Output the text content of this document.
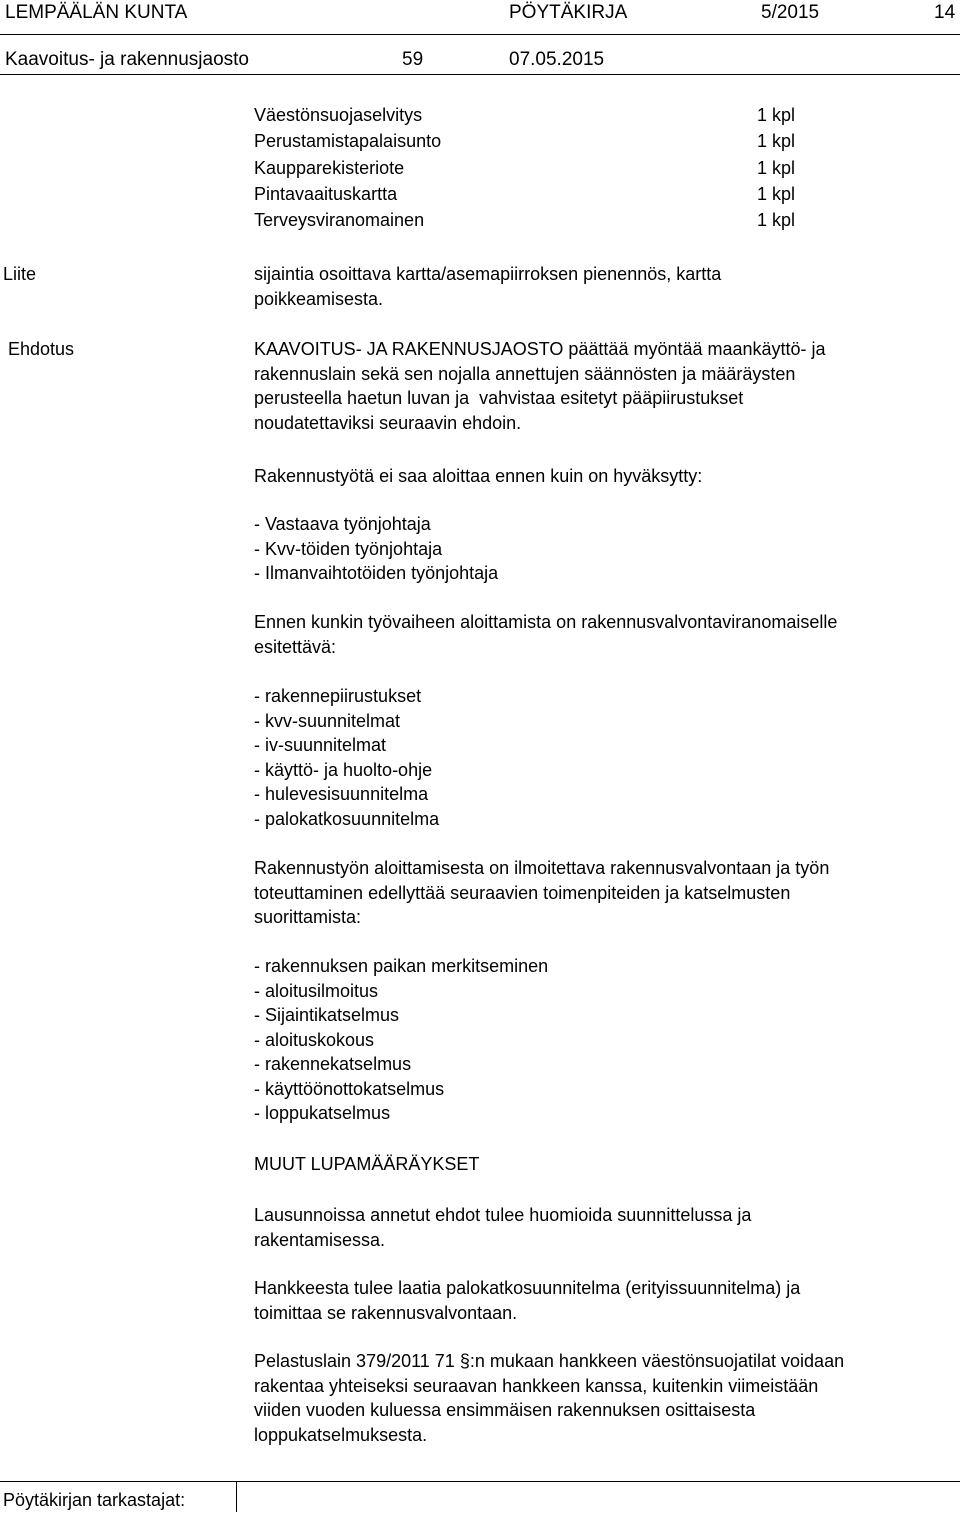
LEMPÄÄLÄN KUNTA	PÖYTÄKIRJA	5/2015	14
Kaavoitus- ja rakennusjaosto	59	07.05.2015
Väestönsuojaselvitys	1 kpl
Perustamistapalaisunto	1 kpl
Kaupparekisteriote	1 kpl
Pintavaaituskartta	1 kpl
Terveysviranomainen	1 kpl
Liite	sijaintia osoittava kartta/asemapiirroksen pienennös, kartta
poikkeamisesta.
Ehdotus	KAAVOITUS- JA RAKENNUSJAOSTO päättää myöntää maankäyttö- ja
rakennuslain sekä sen nojalla annettujen säännösten ja määräysten
perusteella haetun luvan ja  vahvistaa esitetyt pääpiirustukset
noudatettaviksi seuraavin ehdoin.
Rakennustyötä ei saa aloittaa ennen kuin on hyväksytty:
- Vastaava työnjohtaja
- Kvv-töiden työnjohtaja
- Ilmanvaihtotöiden työnjohtaja
Ennen kunkin työvaiheen aloittamista on rakennusvalvontaviranomaiselle
esitettävä:
- rakennepiirustukset
- kvv-suunnitelmat
- iv-suunnitelmat
- käyttö- ja huolto-ohje
- hulevesisuunnitelma
- palokatkosuunnitelma
Rakennustyön aloittamisesta on ilmoitettava rakennusvalvontaan ja työn
toteuttaminen edellyttää seuraavien toimenpiteiden ja katselmusten
suorittamista:
- rakennuksen paikan merkitseminen
- aloitusilmoitus
- Sijaintikatselmus
- aloituskokous
- rakennekatselmus
- käyttöönottokatselmus
- loppukatselmus
MUUT LUPAMÄÄRÄYKSET
Lausunnoissa annetut ehdot tulee huomioida suunnittelussa ja
rakentamisessa.
Hankkeesta tulee laatia palokatkosuunnitelma (erityissuunnitelma) ja
toimittaa se rakennusvalvontaan.
Pelastuslain 379/2011 71 §:n mukaan hankkeen väestönsuojatilat voidaan
rakentaa yhteiseksi seuraavan hankkeen kanssa, kuitenkin viimeistään
viiden vuoden kuluessa ensimmäisen rakennuksen osittaisesta
loppukatselmuksesta.
Pöytäkirjan tarkastajat:
